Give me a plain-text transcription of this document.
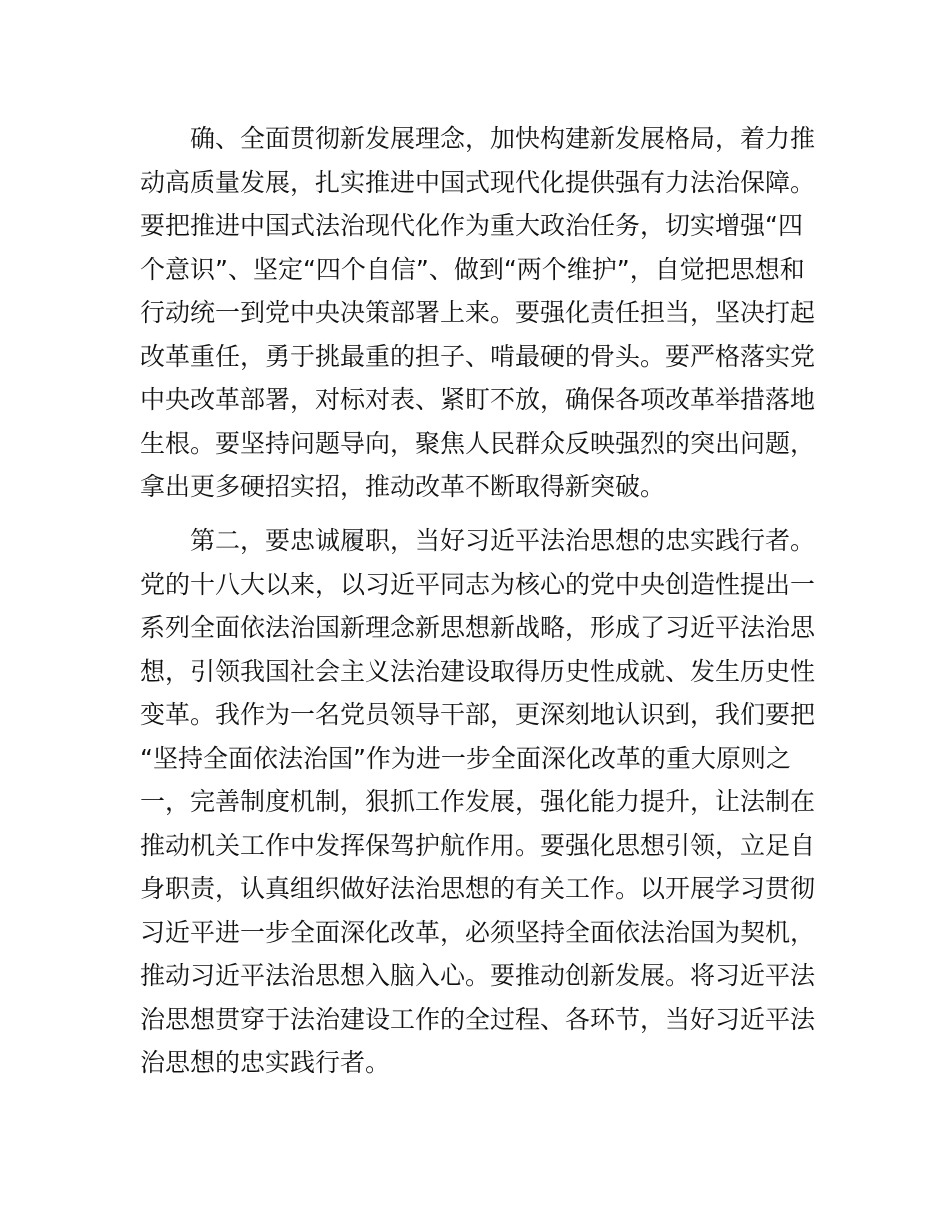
确、全面贯彻新发展理念，加快构建新发展格局，着力推
动高质量发展，扎实推进中国式现代化提供强有力法治保障。
要把推进中国式法治现代化作为重大政治任务，切实增强“四
个意识”、坚定“四个自信”、做到“两个维护”，自觉把思想和
行动统一到党中央决策部署上来。要强化责任担当，坚决打起
改革重任，勇于挑最重的担子、啃最硬的骨头。要严格落实党
中央改革部署，对标对表、紧盯不放，确保各项改革举措落地
生根。要坚持问题导向，聚焦人民群众反映强烈的突出问题，
拿出更多硬招实招，推动改革不断取得新突破。
第二，要忠诚履职，当好习近平法治思想的忠实践行者。
党的十八大以来，以习近平同志为核心的党中央创造性提出一
系列全面依法治国新理念新思想新战略，形成了习近平法治思
想，引领我国社会主义法治建设取得历史性成就、发生历史性
变革。我作为一名党员领导干部，更深刻地认识到，我们要把
“坚持全面依法治国”作为进一步全面深化改革的重大原则之
一，完善制度机制，狠抓工作发展，强化能力提升，让法制在
推动机关工作中发挥保驾护航作用。要强化思想引领，立足自
身职责，认真组织做好法治思想的有关工作。以开展学习贯彻
习近平进一步全面深化改革，必须坚持全面依法治国为契机，
推动习近平法治思想入脑入心。要推动创新发展。将习近平法
治思想贯穿于法治建设工作的全过程、各环节，当好习近平法
治思想的忠实践行者。
